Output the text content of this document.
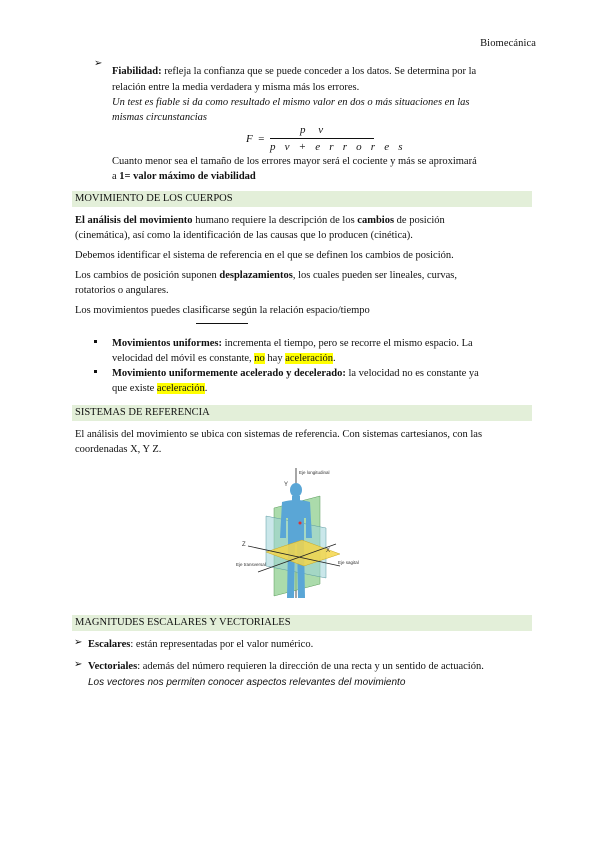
Biomecánica
➢
Fiabilidad: refleja la confianza que se puede conceder a los datos. Se determina por la
relación entre la media verdadera y misma más los errores.
Un test es fiable si da como resultado el mismo valor en dos o más situaciones en las
mismas circunstancias
F =
p v
p v + e r r o r e s
Cuanto menor sea el tamaño de los errores mayor será el cociente y más se aproximará
a 1= valor máximo de viabilidad
MOVIMIENTO DE LOS CUERPOS
El análisis del movimiento humano requiere la descripción de los cambios de posición
(cinemática), así como la identificación de las causas que lo producen (cinética).
Debemos identificar el sistema de referencia en el que se definen los cambios de posición.
Los cambios de posición suponen desplazamientos, los cuales pueden ser lineales, curvas,
rotatorios o angulares.
Los movimientos puedes clasificarse según la relación espacio/tiempo
Movimientos uniformes: incrementa el tiempo, pero se recorre el mismo espacio. La
velocidad del móvil es constante, no hay aceleración.
Movimiento uniformemente acelerado y decelerado: la velocidad no es constante ya
que existe aceleración.
SISTEMAS DE REFERENCIA
El análisis del movimiento se ubica con sistemas de referencia. Con sistemas cartesianos, con las
coordenadas X, Y Z.
Eje longitudinal
Y
Z
X
Eje transversal	Eje sagital
MAGNITUDES ESCALARES Y VECTORIALES
➢ Escalares: están representadas por el valor numérico.
➢ Vectoriales: además del número requieren la dirección de una recta y un sentido de actuación.
Los vectores nos permiten conocer aspectos relevantes del movimiento
